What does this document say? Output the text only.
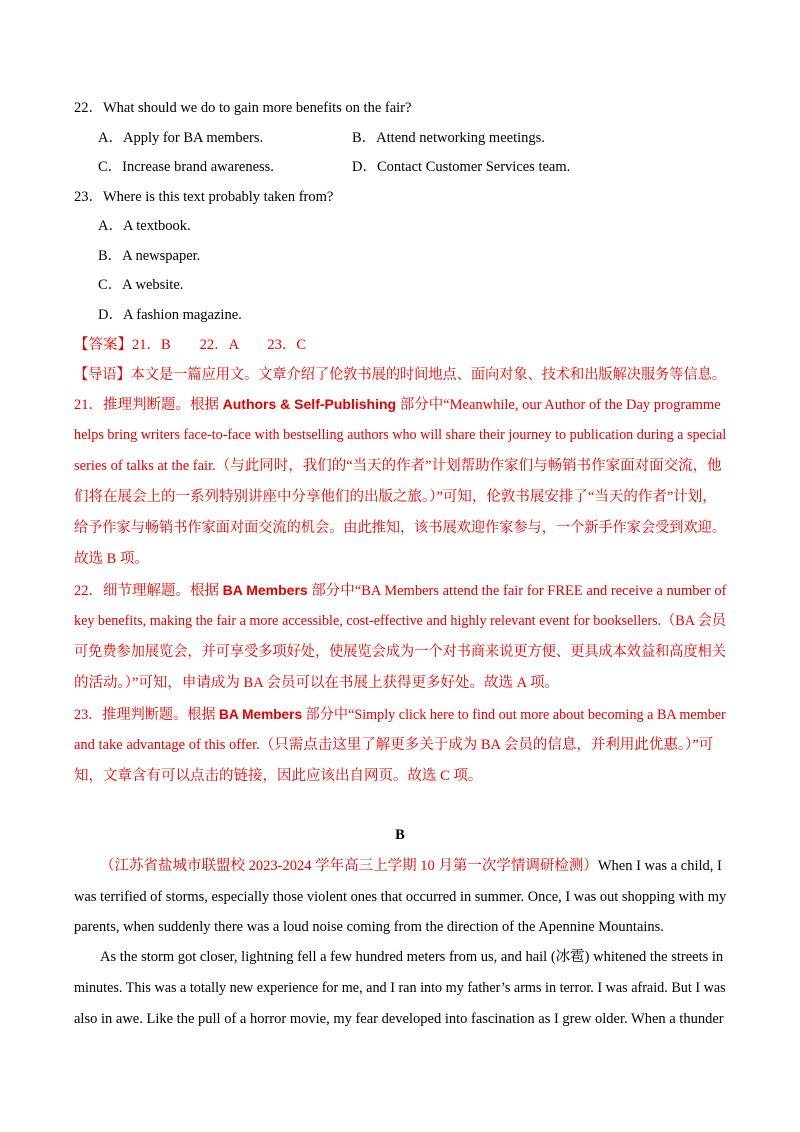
22．What should we do to gain more benefits on the fair?
A．Apply for BA members.	B．Attend networking meetings.
C．Increase brand awareness.	D．Contact Customer Services team.
23．Where is this text probably taken from?
A．A textbook.
B．A newspaper.
C．A website.
D．A fashion magazine.
【答案】21．B　　22．A　　23．C
【导语】本文是一篇应用文。文章介绍了伦敦书展的时间地点、面向对象、技术和出版解决服务等信息。
21．推理判断题。根据 Authors & Self-Publishing 部分中“Meanwhile, our Author of the Day programme
helps bring writers face-to-face with bestselling authors who will share their journey to publication during a special
series of talks at the fair.（与此同时，我们的“当天的作者”计划帮助作家们与畅销书作家面对面交流，他
们将在展会上的一系列特别讲座中分享他们的出版之旅。）”可知，伦敦书展安排了“当天的作者”计划，
给予作家与畅销书作家面对面交流的机会。由此推知，该书展欢迎作家参与，一个新手作家会受到欢迎。
故选 B 项。
22．细节理解题。根据 BA Members 部分中“BA Members attend the fair for FREE and receive a number of
key benefits, making the fair a more accessible, cost-effective and highly relevant event for booksellers.（BA 会员
可免费参加展览会，并可享受多项好处，使展览会成为一个对书商来说更方便、更具成本效益和高度相关
的活动。）”可知，申请成为 BA 会员可以在书展上获得更多好处。故选 A 项。
23．推理判断题。根据 BA Members 部分中“Simply click here to find out more about becoming a BA member
and take advantage of this offer.（只需点击这里了解更多关于成为 BA 会员的信息，并利用此优惠。）”可
知，文章含有可以点击的链接，因此应该出自网页。故选 C 项。
B
（江苏省盐城市联盟校 2023-2024 学年高三上学期 10 月第一次学情调研检测）When I was a child, I
was terrified of storms, especially those violent ones that occurred in summer. Once, I was out shopping with my
parents, when suddenly there was a loud noise coming from the direction of the Apennine Mountains.
As the storm got closer, lightning fell a few hundred meters from us, and hail (冰雹) whitened the streets in
minutes. This was a totally new experience for me, and I ran into my father’s arms in terror. I was afraid. But I was
also in awe. Like the pull of a horror movie, my fear developed into fascination as I grew older. When a thunder
